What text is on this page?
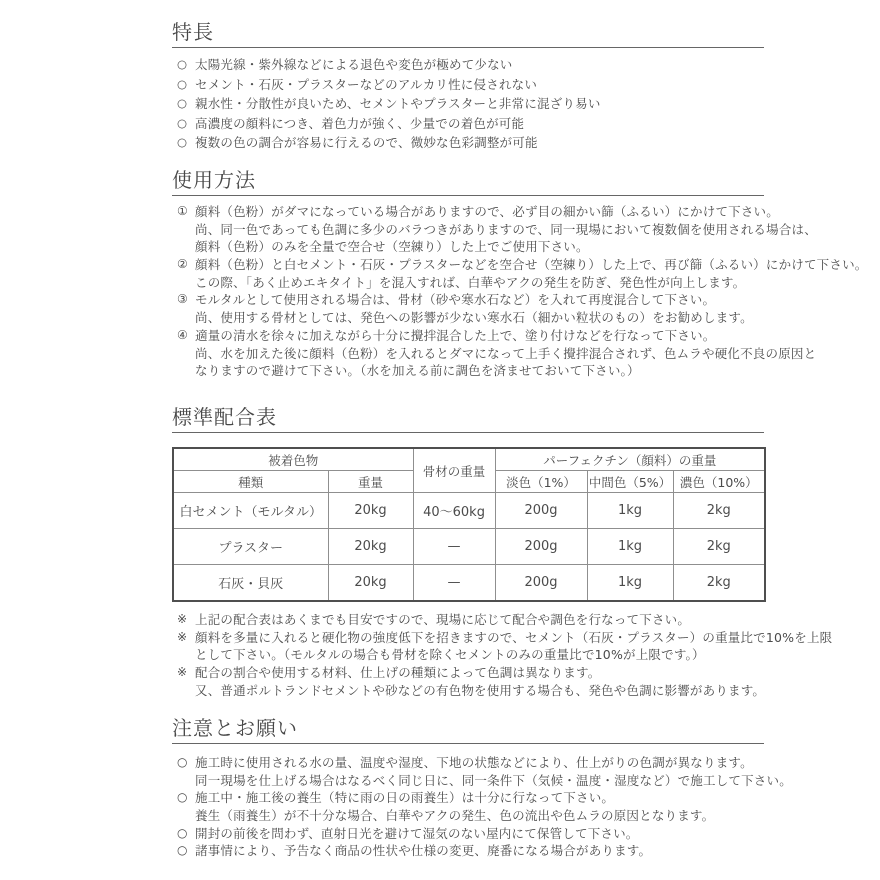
特長
○ 太陽光線・紫外線などによる退色や変色が極めて少ない
○ セメント・石灰・プラスターなどのアルカリ性に侵されない
○ 親水性・分散性が良いため、セメントやプラスターと非常に混ざり易い
○ 高濃度の顔料につき、着色力が強く、少量での着色が可能
○ 複数の色の調合が容易に行えるので、微妙な色彩調整が可能
使用方法
① 顔料（色粉）がダマになっている場合がありますので、必ず目の細かい篩（ふるい）にかけて下さい。
尚、同一色であっても色調に多少のバラつきがありますので、同一現場において複数個を使用される場合は、
顔料（色粉）のみを全量で空合せ（空練り）した上でご使用下さい。
② 顔料（色粉）と白セメント・石灰・プラスターなどを空合せ（空練り）した上で、再び篩（ふるい）にかけて下さい。
この際、「あく止めエキタイト」を混入すれば、白華やアクの発生を防ぎ、発色性が向上します。
③ モルタルとして使用される場合は、骨材（砂や寒水石など）を入れて再度混合して下さい。
尚、使用する骨材としては、発色への影響が少ない寒水石（細かい粒状のもの）をお勧めします。
④ 適量の清水を徐々に加えながら十分に攪拌混合した上で、塗り付けなどを行なって下さい。
尚、水を加えた後に顔料（色粉）を入れるとダマになって上手く攪拌混合されず、色ムラや硬化不良の原因と
なりますので避けて下さい。（水を加える前に調色を済ませておいて下さい。）
標準配合表
被着色物		骨材の重量	パーフェクチン（顔料）の重量		
種類	重量		淡色（1%）	中間色（5%）	濃色（10%）
白セメント（モルタル）	20kg	40〜60kg	200g	1kg	2kg
プラスター	20kg	—	200g	1kg	2kg
石灰・貝灰	20kg	—	200g	1kg	2kg
※ 上記の配合表はあくまでも目安ですので、現場に応じて配合や調色を行なって下さい。
※ 顔料を多量に入れると硬化物の強度低下を招きますので、セメント（石灰・プラスター）の重量比で10%を上限
として下さい。（モルタルの場合も骨材を除くセメントのみの重量比で10%が上限です。）
※ 配合の割合や使用する材料、仕上げの種類によって色調は異なります。
又、普通ポルトランドセメントや砂などの有色物を使用する場合も、発色や色調に影響があります。
注意とお願い
○ 施工時に使用される水の量、温度や湿度、下地の状態などにより、仕上がりの色調が異なります。
同一現場を仕上げる場合はなるべく同じ日に、同一条件下（気候・温度・湿度など）で施工して下さい。
○ 施工中・施工後の養生（特に雨の日の雨養生）は十分に行なって下さい。
養生（雨養生）が不十分な場合、白華やアクの発生、色の流出や色ムラの原因となります。
○ 開封の前後を問わず、直射日光を避けて湿気のない屋内にて保管して下さい。
○ 諸事情により、予告なく商品の性状や仕様の変更、廃番になる場合があります。
